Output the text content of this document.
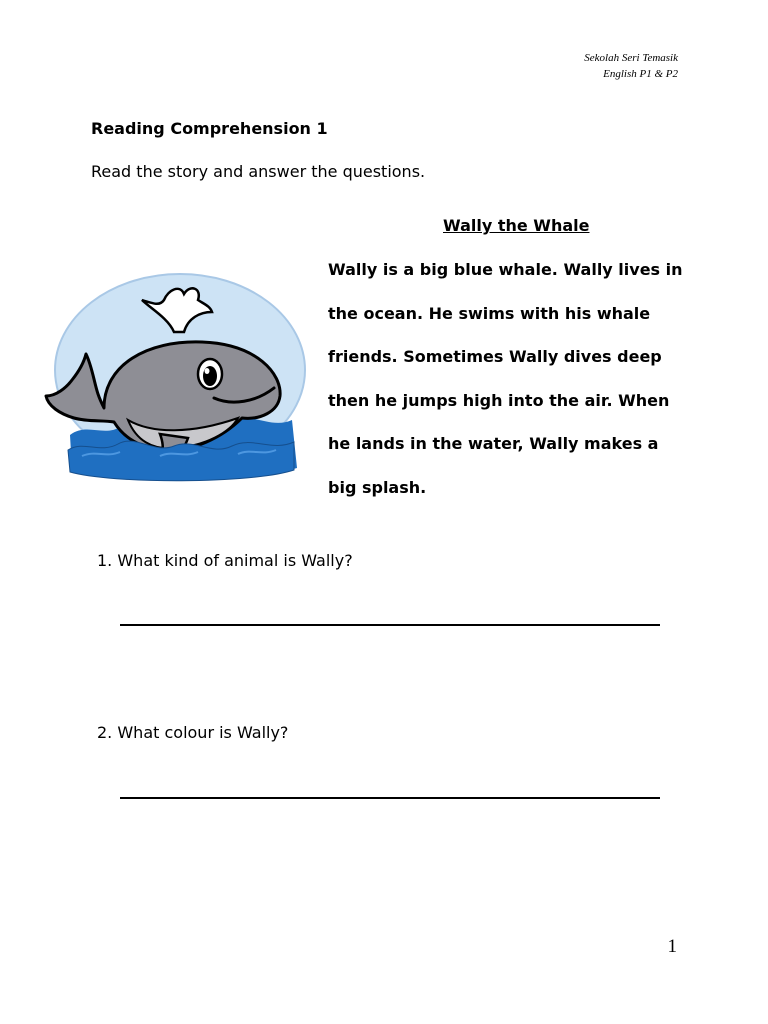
Sekolah Seri Temasik
English P1 & P2
Reading Comprehension 1

Read the story and answer the questions.

Wally the Whale

Wally is a big blue whale. Wally lives in
the ocean. He swims with his whale
friends. Sometimes Wally dives deep
then he jumps high into the air. When
he lands in the water, Wally makes a
big splash.

1. What kind of animal is Wally?

2. What colour is Wally?

1
